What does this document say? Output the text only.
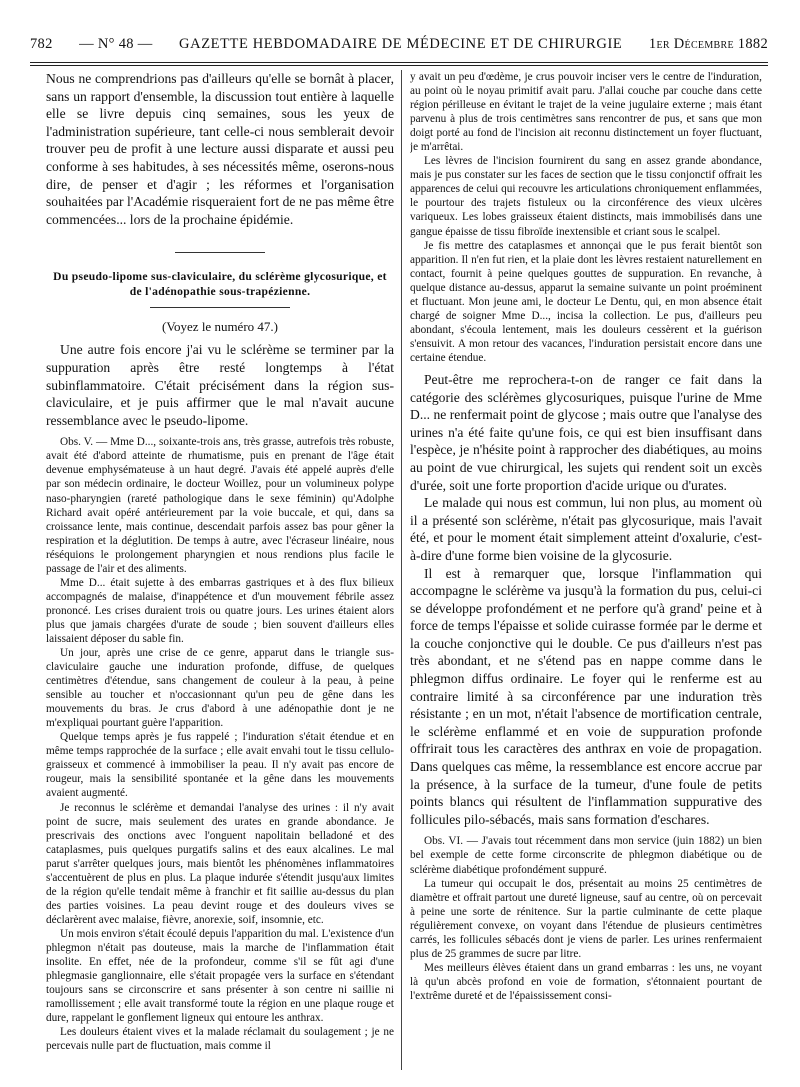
782 — N° 48 — GAZETTE HEBDOMADAIRE DE MÉDECINE ET DE CHIRURGIE 1er Décembre 1882

Nous ne comprendrions pas d'ailleurs qu'elle se bornât à placer, sans un rapport d'ensemble, la discussion tout entière à laquelle elle se livre depuis cinq semaines, sous les yeux de l'administration supérieure, tant celle-ci nous semblerait devoir trouver peu de profit à une lecture aussi disparate et aussi peu conforme à ses habitudes, à ses nécessités même, oserons-nous dire, de penser et d'agir ; les réformes et l'organisation souhaitées par l'Académie risqueraient fort de ne pas même être commencées... lors de la prochaine épidémie.

Du pseudo-lipome sus-claviculaire, du sclérème glycosurique, et de l'adénopathie sous-trapézienne.

(Voyez le numéro 47.)

Une autre fois encore j'ai vu le sclérème se terminer par la suppuration après être resté longtemps à l'état subinflammatoire. C'était précisément dans la région sus-claviculaire, et je puis affirmer que le mal n'avait aucune ressemblance avec le pseudo-lipome.

Obs. V. — Mme D..., soixante-trois ans, très grasse, autrefois très robuste, avait été d'abord atteinte de rhumatisme, puis en prenant de l'âge était devenue emphysémateuse à un haut degré. J'avais été appelé auprès d'elle par son médecin ordinaire, le docteur Woillez, pour un volumineux polype naso-pharyngien (rareté pathologique dans le sexe féminin) qu'Adolphe Richard avait opéré antérieurement par la voie buccale, et qui, dans sa croissance lente, mais continue, descendait parfois assez bas pour gêner la respiration et la déglutition. De temps à autre, avec l'écraseur linéaire, nous réséquions le prolongement pharyngien et nous rendions plus facile le passage de l'air et des aliments.

Mme D... était sujette à des embarras gastriques et à des flux bilieux accompagnés de malaise, d'inappétence et d'un mouvement fébrile assez prononcé. Les crises duraient trois ou quatre jours. Les urines étaient alors plus que jamais chargées d'urate de soude ; bien souvent d'ailleurs elles laissaient déposer du sable fin.

Un jour, après une crise de ce genre, apparut dans le triangle sus-claviculaire gauche une induration profonde, diffuse, de quelques centimètres d'étendue, sans changement de couleur à la peau, à peine sensible au toucher et n'occasionnant qu'un peu de gêne dans les mouvements du bras. Je crus d'abord à une adénopathie dont je ne m'expliquai pourtant guère l'apparition.

Quelque temps après je fus rappelé ; l'induration s'était étendue et en même temps rapprochée de la surface ; elle avait envahi tout le tissu cellulo-graisseux et commencé à immobiliser la peau. Il n'y avait pas encore de rougeur, mais la sensibilité spontanée et la gêne dans les mouvements avaient augmenté.

Je reconnus le sclérème et demandai l'analyse des urines : il n'y avait point de sucre, mais seulement des urates en grande abondance. Je prescrivais des onctions avec l'onguent napolitain belladoné et des cataplasmes, puis quelques purgatifs salins et des eaux alcalines. Le mal parut s'arrêter quelques jours, mais bientôt les phénomènes inflammatoires s'accentuèrent de plus en plus. La plaque indurée s'étendit jusqu'aux limites de la région qu'elle tendait même à franchir et fit saillie au-dessus du plan des parties voisines. La peau devint rouge et des douleurs vives se déclarèrent avec malaise, fièvre, anorexie, soif, insomnie, etc.

Un mois environ s'était écoulé depuis l'apparition du mal. L'existence d'un phlegmon n'était pas douteuse, mais la marche de l'inflammation était insolite. En effet, née de la profondeur, comme s'il se fût agi d'une phlegmasie ganglionnaire, elle s'était propagée vers la surface en s'étendant toujours sans se circonscrire et sans présenter à son centre ni saillie ni ramollissement ; elle avait transformé toute la région en une plaque rouge et dure, rappelant le gonflement ligneux qui entoure les anthrax.

Les douleurs étaient vives et la malade réclamait du soulagement ; je ne percevais nulle part de fluctuation, mais comme il

y avait un peu d'œdème, je crus pouvoir inciser vers le centre de l'induration, au point où le noyau primitif avait paru. J'allai couche par couche dans cette région périlleuse en évitant le trajet de la veine jugulaire externe ; mais étant parvenu à plus de trois centimètres sans rencontrer de pus, et sans que mon doigt porté au fond de l'incision ait reconnu distinctement un foyer fluctuant, je m'arrêtai.

Les lèvres de l'incision fournirent du sang en assez grande abondance, mais je pus constater sur les faces de section que le tissu conjonctif offrait les apparences de celui qui recouvre les articulations chroniquement enflammées, le pourtour des trajets fistuleux ou la circonférence des vieux ulcères variqueux. Les lobes graisseux étaient distincts, mais immobilisés dans une gangue épaisse de tissu fibroïde inextensible et criant sous le scalpel.

Je fis mettre des cataplasmes et annonçai que le pus ferait bientôt son apparition. Il n'en fut rien, et la plaie dont les lèvres restaient naturellement en contact, fournit à peine quelques gouttes de suppuration. En revanche, à quelque distance au-dessus, apparut la semaine suivante un point proéminent et fluctuant. Mon jeune ami, le docteur Le Dentu, qui, en mon absence était chargé de soigner Mme D..., incisa la collection. Le pus, d'ailleurs peu abondant, s'écoula lentement, mais les douleurs cessèrent et la guérison s'ensuivit. A mon retour des vacances, l'induration persistait encore dans une certaine étendue.

Peut-être me reprochera-t-on de ranger ce fait dans la catégorie des sclérèmes glycosuriques, puisque l'urine de Mme D... ne renfermait point de glycose ; mais outre que l'analyse des urines n'a été faite qu'une fois, ce qui est bien insuffisant dans l'espèce, je n'hésite point à rapprocher des diabétiques, au moins au point de vue chirurgical, les sujets qui rendent soit un excès d'urée, soit une forte proportion d'acide urique ou d'urates.

Le malade qui nous est commun, lui non plus, au moment où il a présenté son sclérème, n'était pas glycosurique, mais l'avait été, et pour le moment était simplement atteint d'oxalurie, c'est-à-dire d'une forme bien voisine de la glycosurie.

Il est à remarquer que, lorsque l'inflammation qui accompagne le sclérème va jusqu'à la formation du pus, celui-ci se développe profondément et ne perfore qu'à grand' peine et à force de temps l'épaisse et solide cuirasse formée par le derme et la couche conjonctive qui le double. Ce pus d'ailleurs n'est pas très abondant, et ne s'étend pas en nappe comme dans le phlegmon diffus ordinaire. Le foyer qui le renferme est au contraire limité à sa circonférence par une induration très résistante ; en un mot, n'était l'absence de mortification centrale, le sclérème enflammé et en voie de suppuration profonde offrirait tous les caractères des anthrax en voie de propagation. Dans quelques cas même, la ressemblance est encore accrue par la présence, à la surface de la tumeur, d'une foule de petits points blancs qui résultent de l'inflammation suppurative des follicules pilo-sébacés, mais sans formation d'eschares.

Obs. VI. — J'avais tout récemment dans mon service (juin 1882) un bien bel exemple de cette forme circonscrite de phlegmon diabétique ou de sclérème diabétique profondément suppuré.

La tumeur qui occupait le dos, présentait au moins 25 centimètres de diamètre et offrait partout une dureté ligneuse, sauf au centre, où on percevait à peine une sorte de rénitence. Sur la partie culminante de cette plaque régulièrement convexe, on voyant dans l'étendue de plusieurs centimètres carrés, les follicules sébacés dont je viens de parler. Les urines renfermaient plus de 25 grammes de sucre par litre.

Mes meilleurs élèves étaient dans un grand embarras : les uns, ne voyant là qu'un abcès profond en voie de formation, s'étonnaient pourtant de l'extrême dureté et de l'épaississement consi-
